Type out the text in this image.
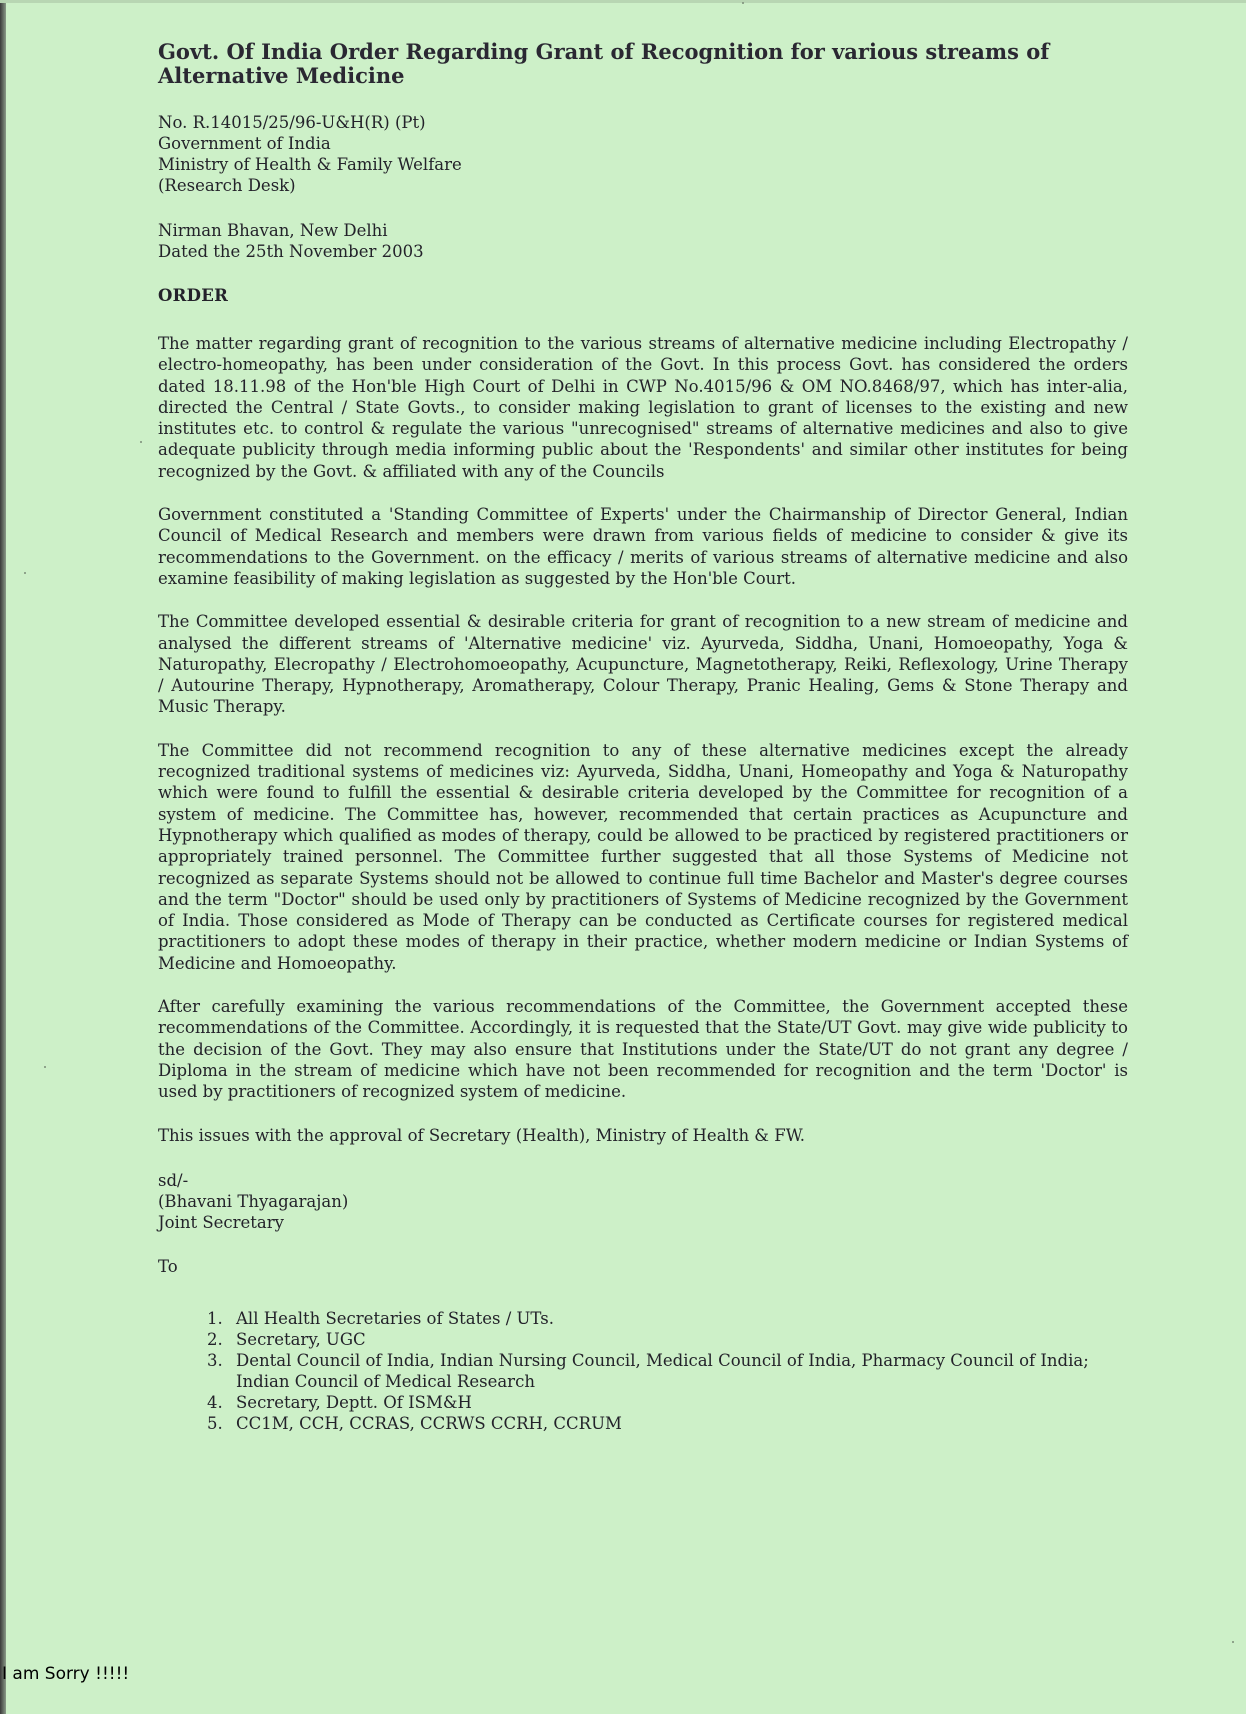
Govt. Of India Order Regarding Grant of Recognition for various streams of Alternative Medicine
No. R.14015/25/96-U&H(R) (Pt)
Government of India
Ministry of Health & Family Welfare
(Research Desk)
Nirman Bhavan, New Delhi
Dated the 25th November 2003
ORDER

The matter regarding grant of recognition to the various streams of alternative medicine including Electropathy / electro-homeopathy, has been under consideration of the Govt. In this process Govt. has considered the orders dated 18.11.98 of the Hon'ble High Court of Delhi in CWP No.4015/96 & OM NO.8468/97, which has inter-alia, directed the Central / State Govts., to consider making legislation to grant of licenses to the existing and new institutes etc. to control & regulate the various "unrecognised" streams of alternative medicines and also to give adequate publicity through media informing public about the 'Respondents' and similar other institutes for being recognized by the Govt. & affiliated with any of the Councils

Government constituted a 'Standing Committee of Experts' under the Chairmanship of Director General, Indian Council of Medical Research and members were drawn from various fields of medicine to consider & give its recommendations to the Government. on the efficacy / merits of various streams of alternative medicine and also examine feasibility of making legislation as suggested by the Hon'ble Court.

The Committee developed essential & desirable criteria for grant of recognition to a new stream of medicine and analysed the different streams of 'Alternative medicine' viz. Ayurveda, Siddha, Unani, Homoeopathy, Yoga & Naturopathy, Elecropathy / Electrohomoeopathy, Acupuncture, Magnetotherapy, Reiki, Reflexology, Urine Therapy / Autourine Therapy, Hypnotherapy, Aromatherapy, Colour Therapy, Pranic Healing, Gems & Stone Therapy and Music Therapy.

The Committee did not recommend recognition to any of these alternative medicines except the already recognized traditional systems of medicines viz: Ayurveda, Siddha, Unani, Homeopathy and Yoga & Naturopathy which were found to fulfill the essential & desirable criteria developed by the Committee for recognition of a system of medicine. The Committee has, however, recommended that certain practices as Acupuncture and Hypnotherapy which qualified as modes of therapy, could be allowed to be practiced by registered practitioners or appropriately trained personnel. The Committee further suggested that all those Systems of Medicine not recognized as separate Systems should not be allowed to continue full time Bachelor and Master's degree courses and the term "Doctor" should be used only by practitioners of Systems of Medicine recognized by the Government of India. Those considered as Mode of Therapy can be conducted as Certificate courses for registered medical practitioners to adopt these modes of therapy in their practice, whether modern medicine or Indian Systems of Medicine and Homoeopathy.

After carefully examining the various recommendations of the Committee, the Government accepted these recommendations of the Committee. Accordingly, it is requested that the State/UT Govt. may give wide publicity to the decision of the Govt. They may also ensure that Institutions under the State/UT do not grant any degree / Diploma in the stream of medicine which have not been recommended for recognition and the term 'Doctor' is used by practitioners of recognized system of medicine.

This issues with the approval of Secretary (Health), Ministry of Health & FW.

sd/-
(Bhavani Thyagarajan)
Joint Secretary
To
1. All Health Secretaries of States / UTs.
2. Secretary, UGC
3. Dental Council of India, Indian Nursing Council, Medical Council of India, Pharmacy Council of India; Indian Council of Medical Research
4. Secretary, Deptt. Of ISM&H
5. CC1M, CCH, CCRAS, CCRWS CCRH, CCRUM
I am Sorry !!!!!
